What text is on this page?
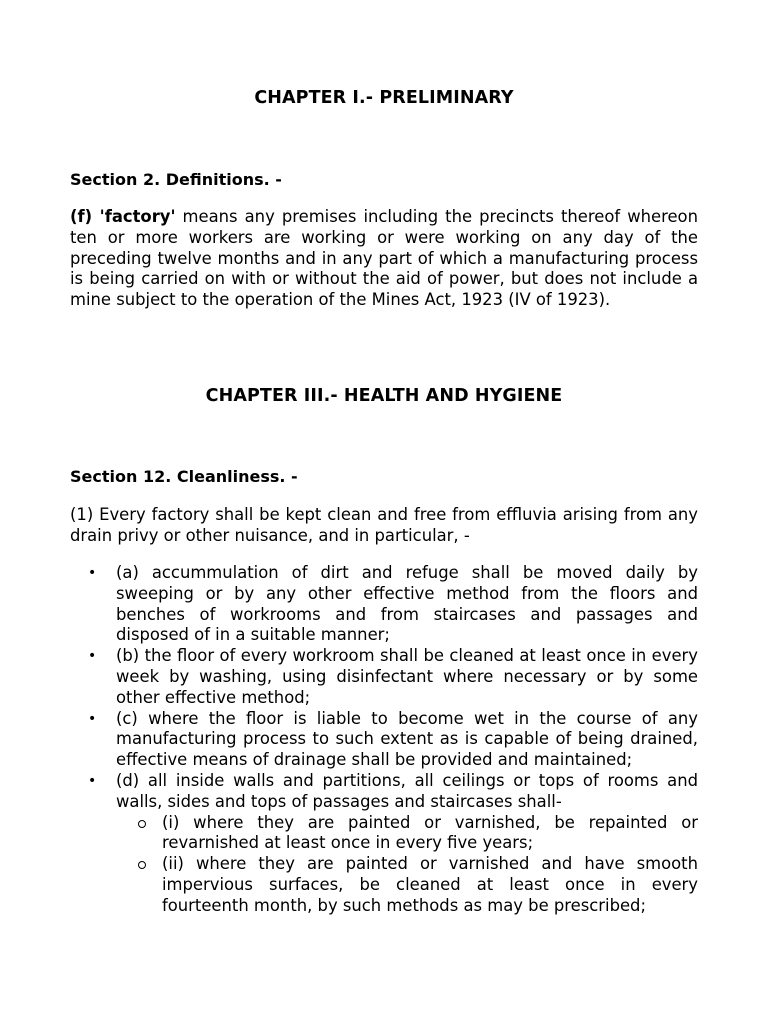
CHAPTER I.- PRELIMINARY
Section 2. Definitions. -

(f) 'factory' means any premises including the precincts thereof whereon ten or more workers are working or were working on any day of the preceding twelve months and in any part of which a manufacturing process is being carried on with or without the aid of power, but does not include a mine subject to the operation of the Mines Act, 1923 (IV of 1923).

CHAPTER III.- HEALTH AND HYGIENE
Section 12. Cleanliness. -

(1) Every factory shall be kept clean and free from effluvia arising from any drain privy or other nuisance, and in particular, -

• (a) accummulation of dirt and refuge shall be moved daily by sweeping or by any other effective method from the floors and benches of workrooms and from staircases and passages and disposed of in a suitable manner;
• (b) the floor of every workroom shall be cleaned at least once in every week by washing, using disinfectant where necessary or by some other effective method;
• (c) where the floor is liable to become wet in the course of any manufacturing process to such extent as is capable of being drained, effective means of drainage shall be provided and maintained;
• (d) all inside walls and partitions, all ceilings or tops of rooms and walls, sides and tops of passages and staircases shall-
(i) where they are painted or varnished, be repainted or revarnished at least once in every five years;
(ii) where they are painted or varnished and have smooth impervious surfaces, be cleaned at least once in every fourteenth month, by such methods as may be prescribed;
